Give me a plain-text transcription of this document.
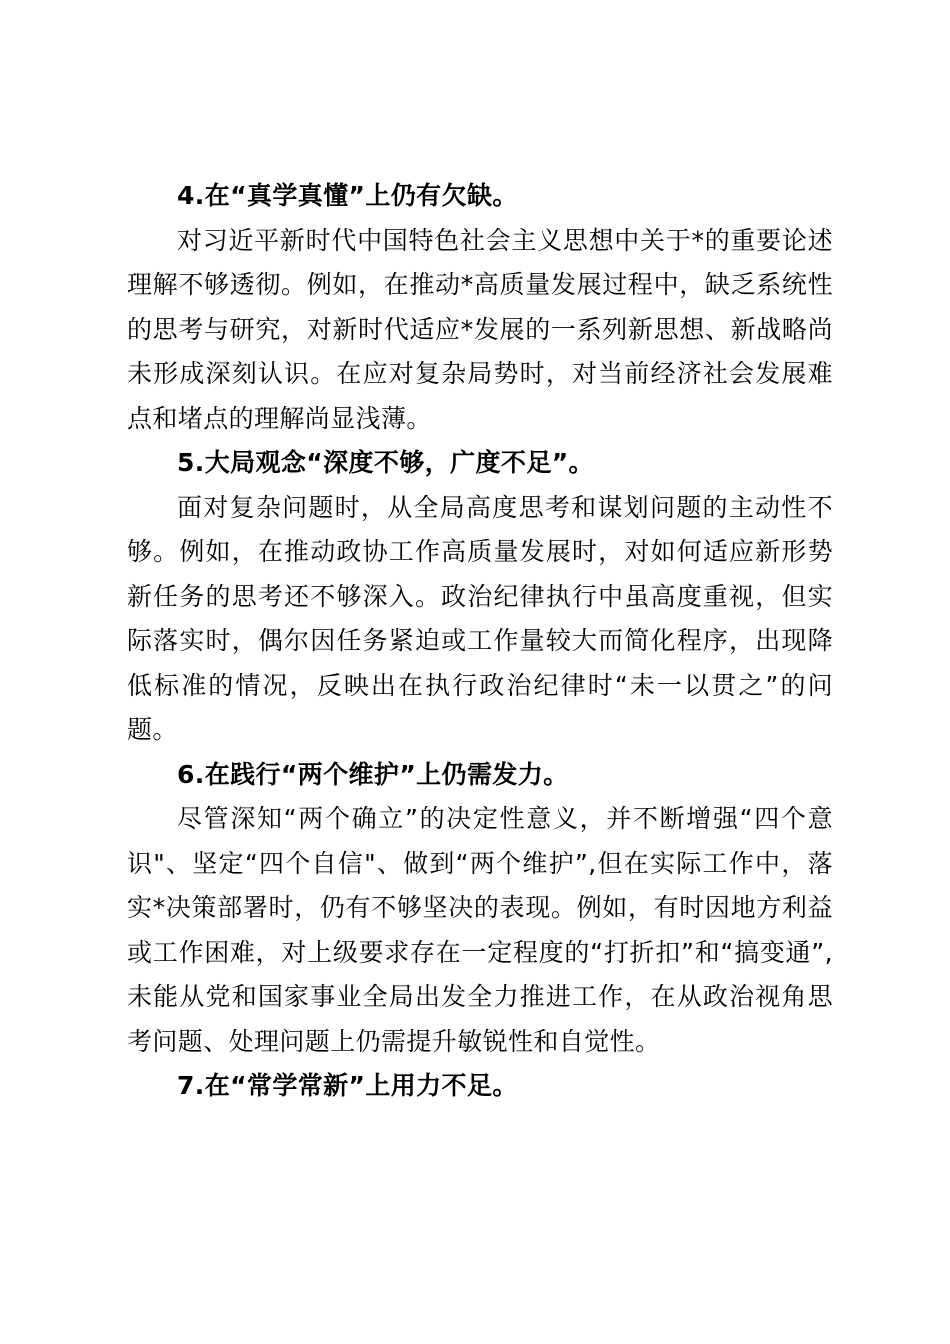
4.在“真学真懂”上仍有欠缺。

对习近平新时代中国特色社会主义思想中关于*的重要论述理解不够透彻。例如，在推动*高质量发展过程中，缺乏系统性的思考与研究，对新时代适应*发展的一系列新思想、新战略尚未形成深刻认识。在应对复杂局势时，对当前经济社会发展难点和堵点的理解尚显浅薄。

5.大局观念“深度不够，广度不足”。

面对复杂问题时，从全局高度思考和谋划问题的主动性不够。例如，在推动政协工作高质量发展时，对如何适应新形势新任务的思考还不够深入。政治纪律执行中虽高度重视，但实际落实时，偶尔因任务紧迫或工作量较大而简化程序，出现降低标准的情况，反映出在执行政治纪律时“未一以贯之”的问题。

6.在践行“两个维护”上仍需发力。

尽管深知“两个确立”的决定性意义，并不断增强“四个意识"、坚定“四个自信"、做到“两个维护”,但在实际工作中，落实*决策部署时，仍有不够坚决的表现。例如，有时因地方利益或工作困难，对上级要求存在一定程度的“打折扣”和“搞变通”,未能从党和国家事业全局出发全力推进工作，在从政治视角思考问题、处理问题上仍需提升敏锐性和自觉性。

7.在“常学常新”上用力不足。
